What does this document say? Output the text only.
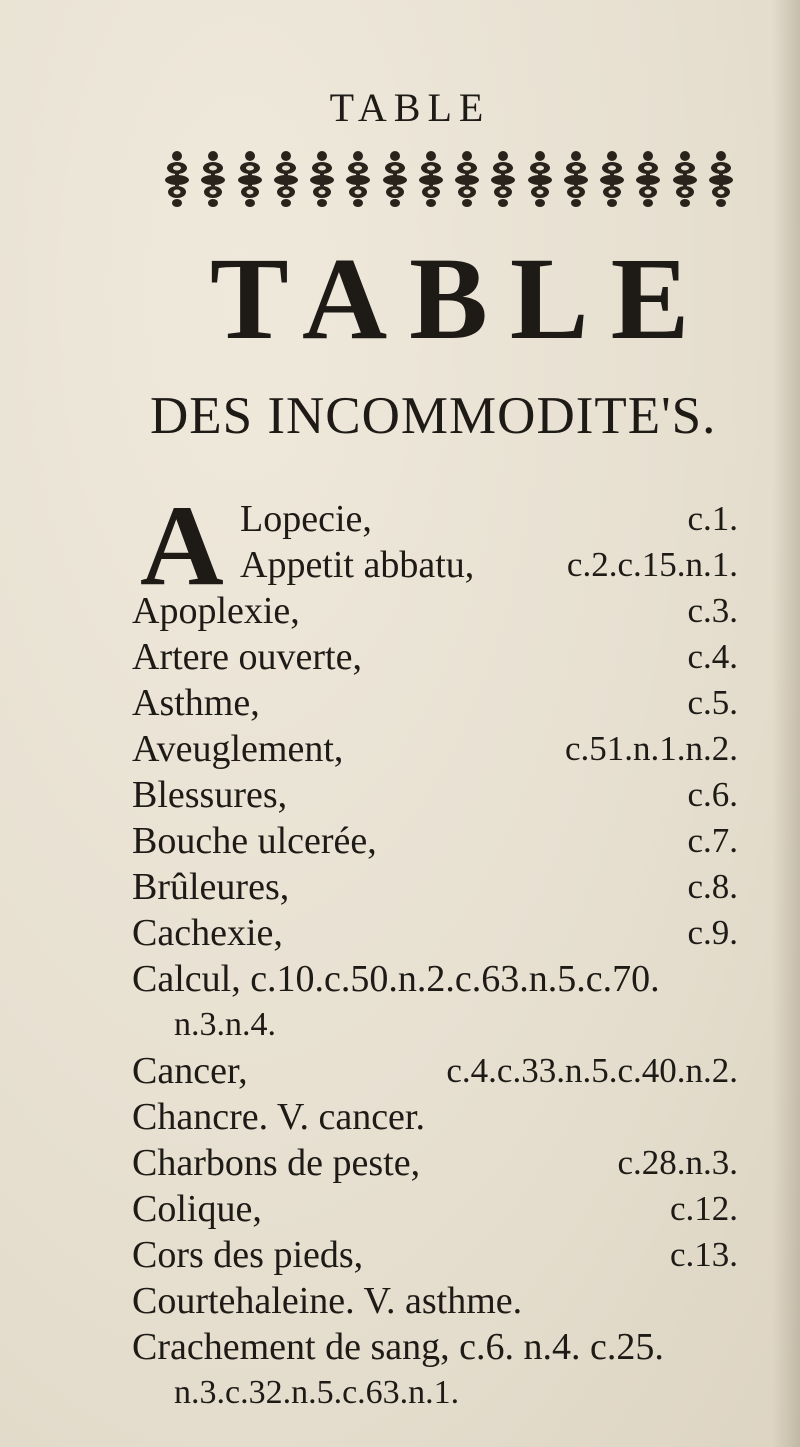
TABLE
TABLE
DES INCOMMODITE'S.
A Lopecie,	c.1.
Appetit abbatu,	c.2.c.15.n.1.
Apoplexie,	c.3.
Artere ouverte,	c.4.
Asthme,	c.5.
Aveuglement,	c.51.n.1.n.2.
Blessures,	c.6.
Bouche ulcerée,	c.7.
Brûleures,	c.8.
Cachexie,	c.9.
Calcul, c.10.c.50.n.2.c.63.n.5.c.70.
n.3.n.4.
Cancer,	c.4.c.33.n.5.c.40.n.2.
Chancre. V. cancer.
Charbons de peste,	c.28.n.3.
Colique,	c.12.
Cors des pieds,	c.13.
Courtehaleine. V. asthme.
Crachement de sang, c.6. n.4. c.25.
n.3.c.32.n.5.c.63.n.1.
